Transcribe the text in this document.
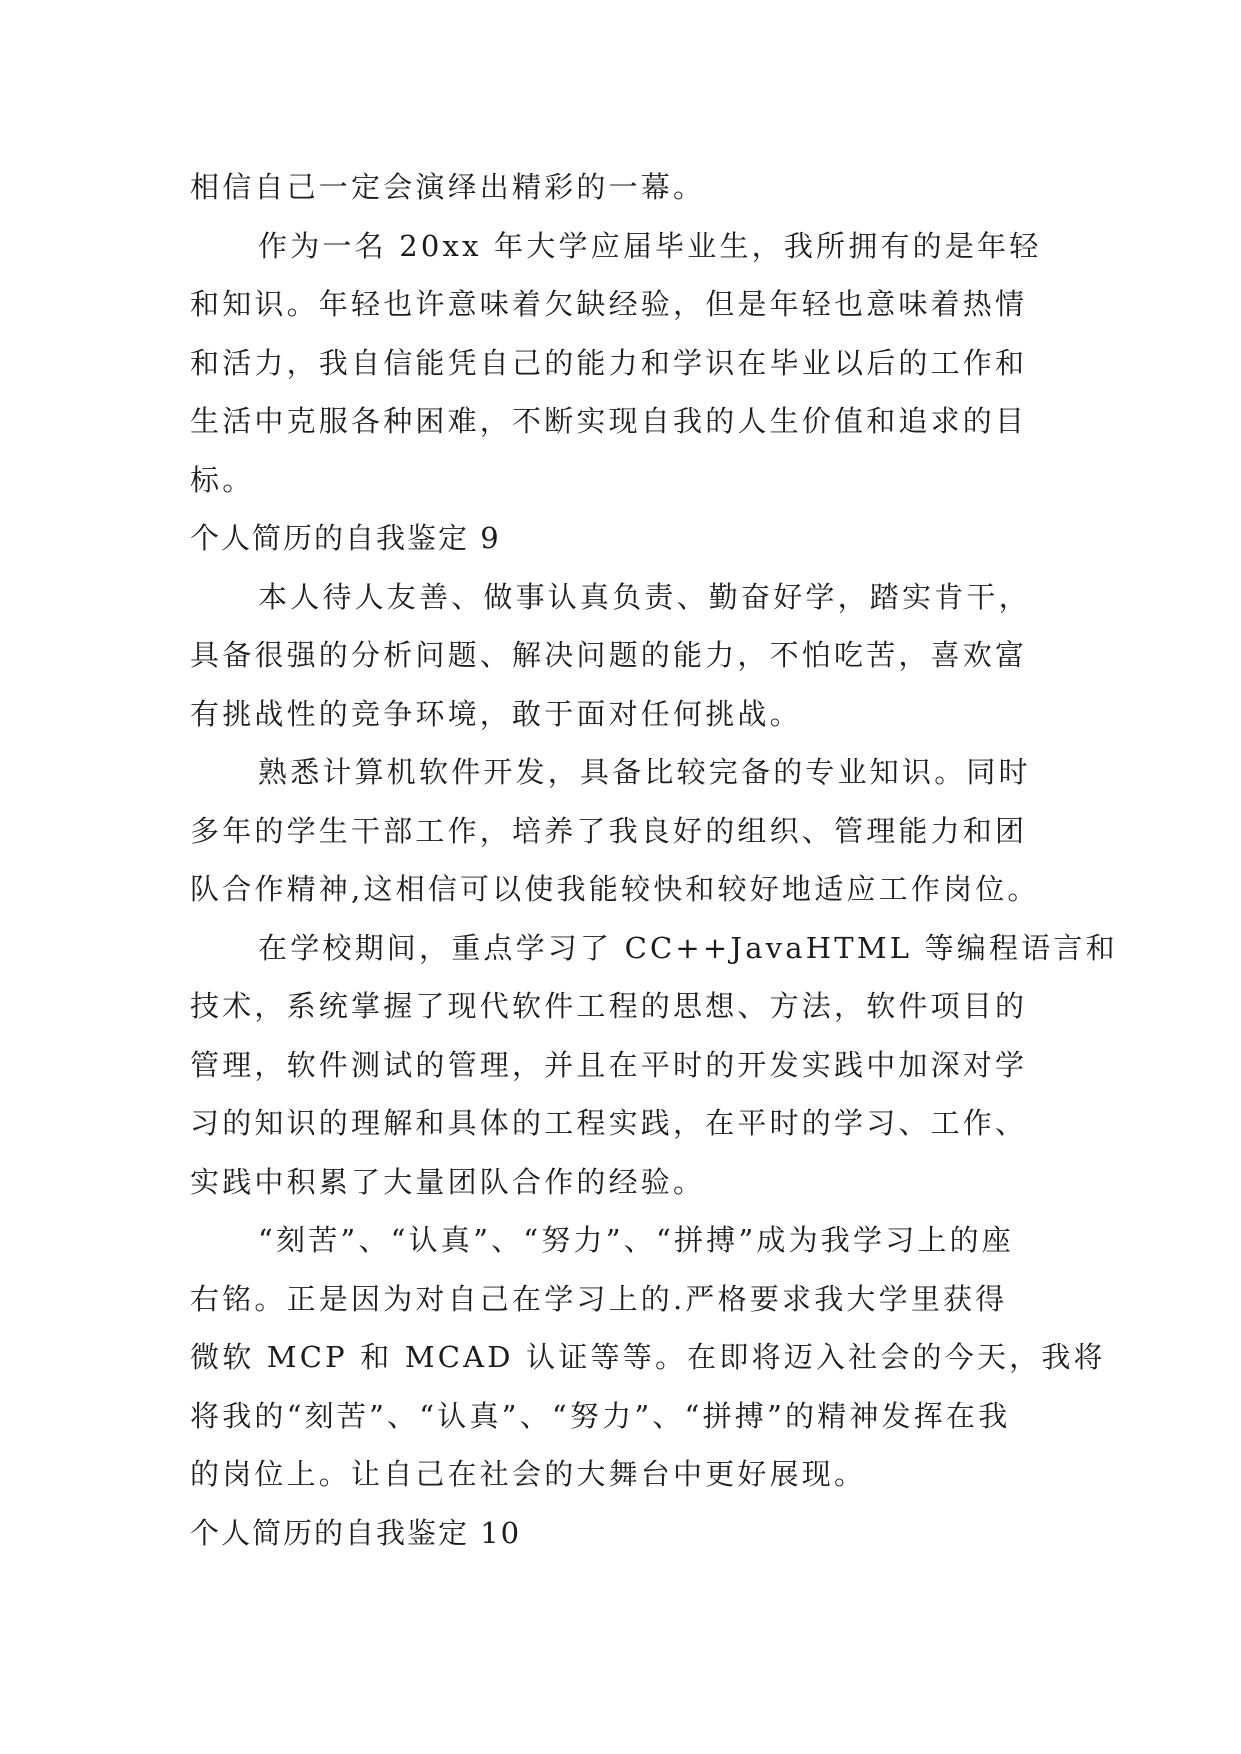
相信自己一定会演绎出精彩的一幕。
作为一名 20xx 年大学应届毕业生，我所拥有的是年轻
和知识。年轻也许意味着欠缺经验，但是年轻也意味着热情
和活力，我自信能凭自己的能力和学识在毕业以后的工作和
生活中克服各种困难，不断实现自我的人生价值和追求的目
标。
个人简历的自我鉴定 9
本人待人友善、做事认真负责、勤奋好学，踏实肯干，
具备很强的分析问题、解决问题的能力，不怕吃苦，喜欢富
有挑战性的竞争环境，敢于面对任何挑战。
熟悉计算机软件开发，具备比较完备的专业知识。同时
多年的学生干部工作，培养了我良好的组织、管理能力和团
队合作精神,这相信可以使我能较快和较好地适应工作岗位。
在学校期间，重点学习了 CC++JavaHTML 等编程语言和
技术，系统掌握了现代软件工程的思想、方法，软件项目的
管理，软件测试的管理，并且在平时的开发实践中加深对学
习的知识的理解和具体的工程实践，在平时的学习、工作、
实践中积累了大量团队合作的经验。
“刻苦”、“认真”、“努力”、“拼搏”成为我学习上的座
右铭。正是因为对自己在学习上的.严格要求我大学里获得
微软 MCP 和 MCAD 认证等等。在即将迈入社会的今天，我将
将我的“刻苦”、“认真”、“努力”、“拼搏”的精神发挥在我
的岗位上。让自己在社会的大舞台中更好展现。
个人简历的自我鉴定 10
